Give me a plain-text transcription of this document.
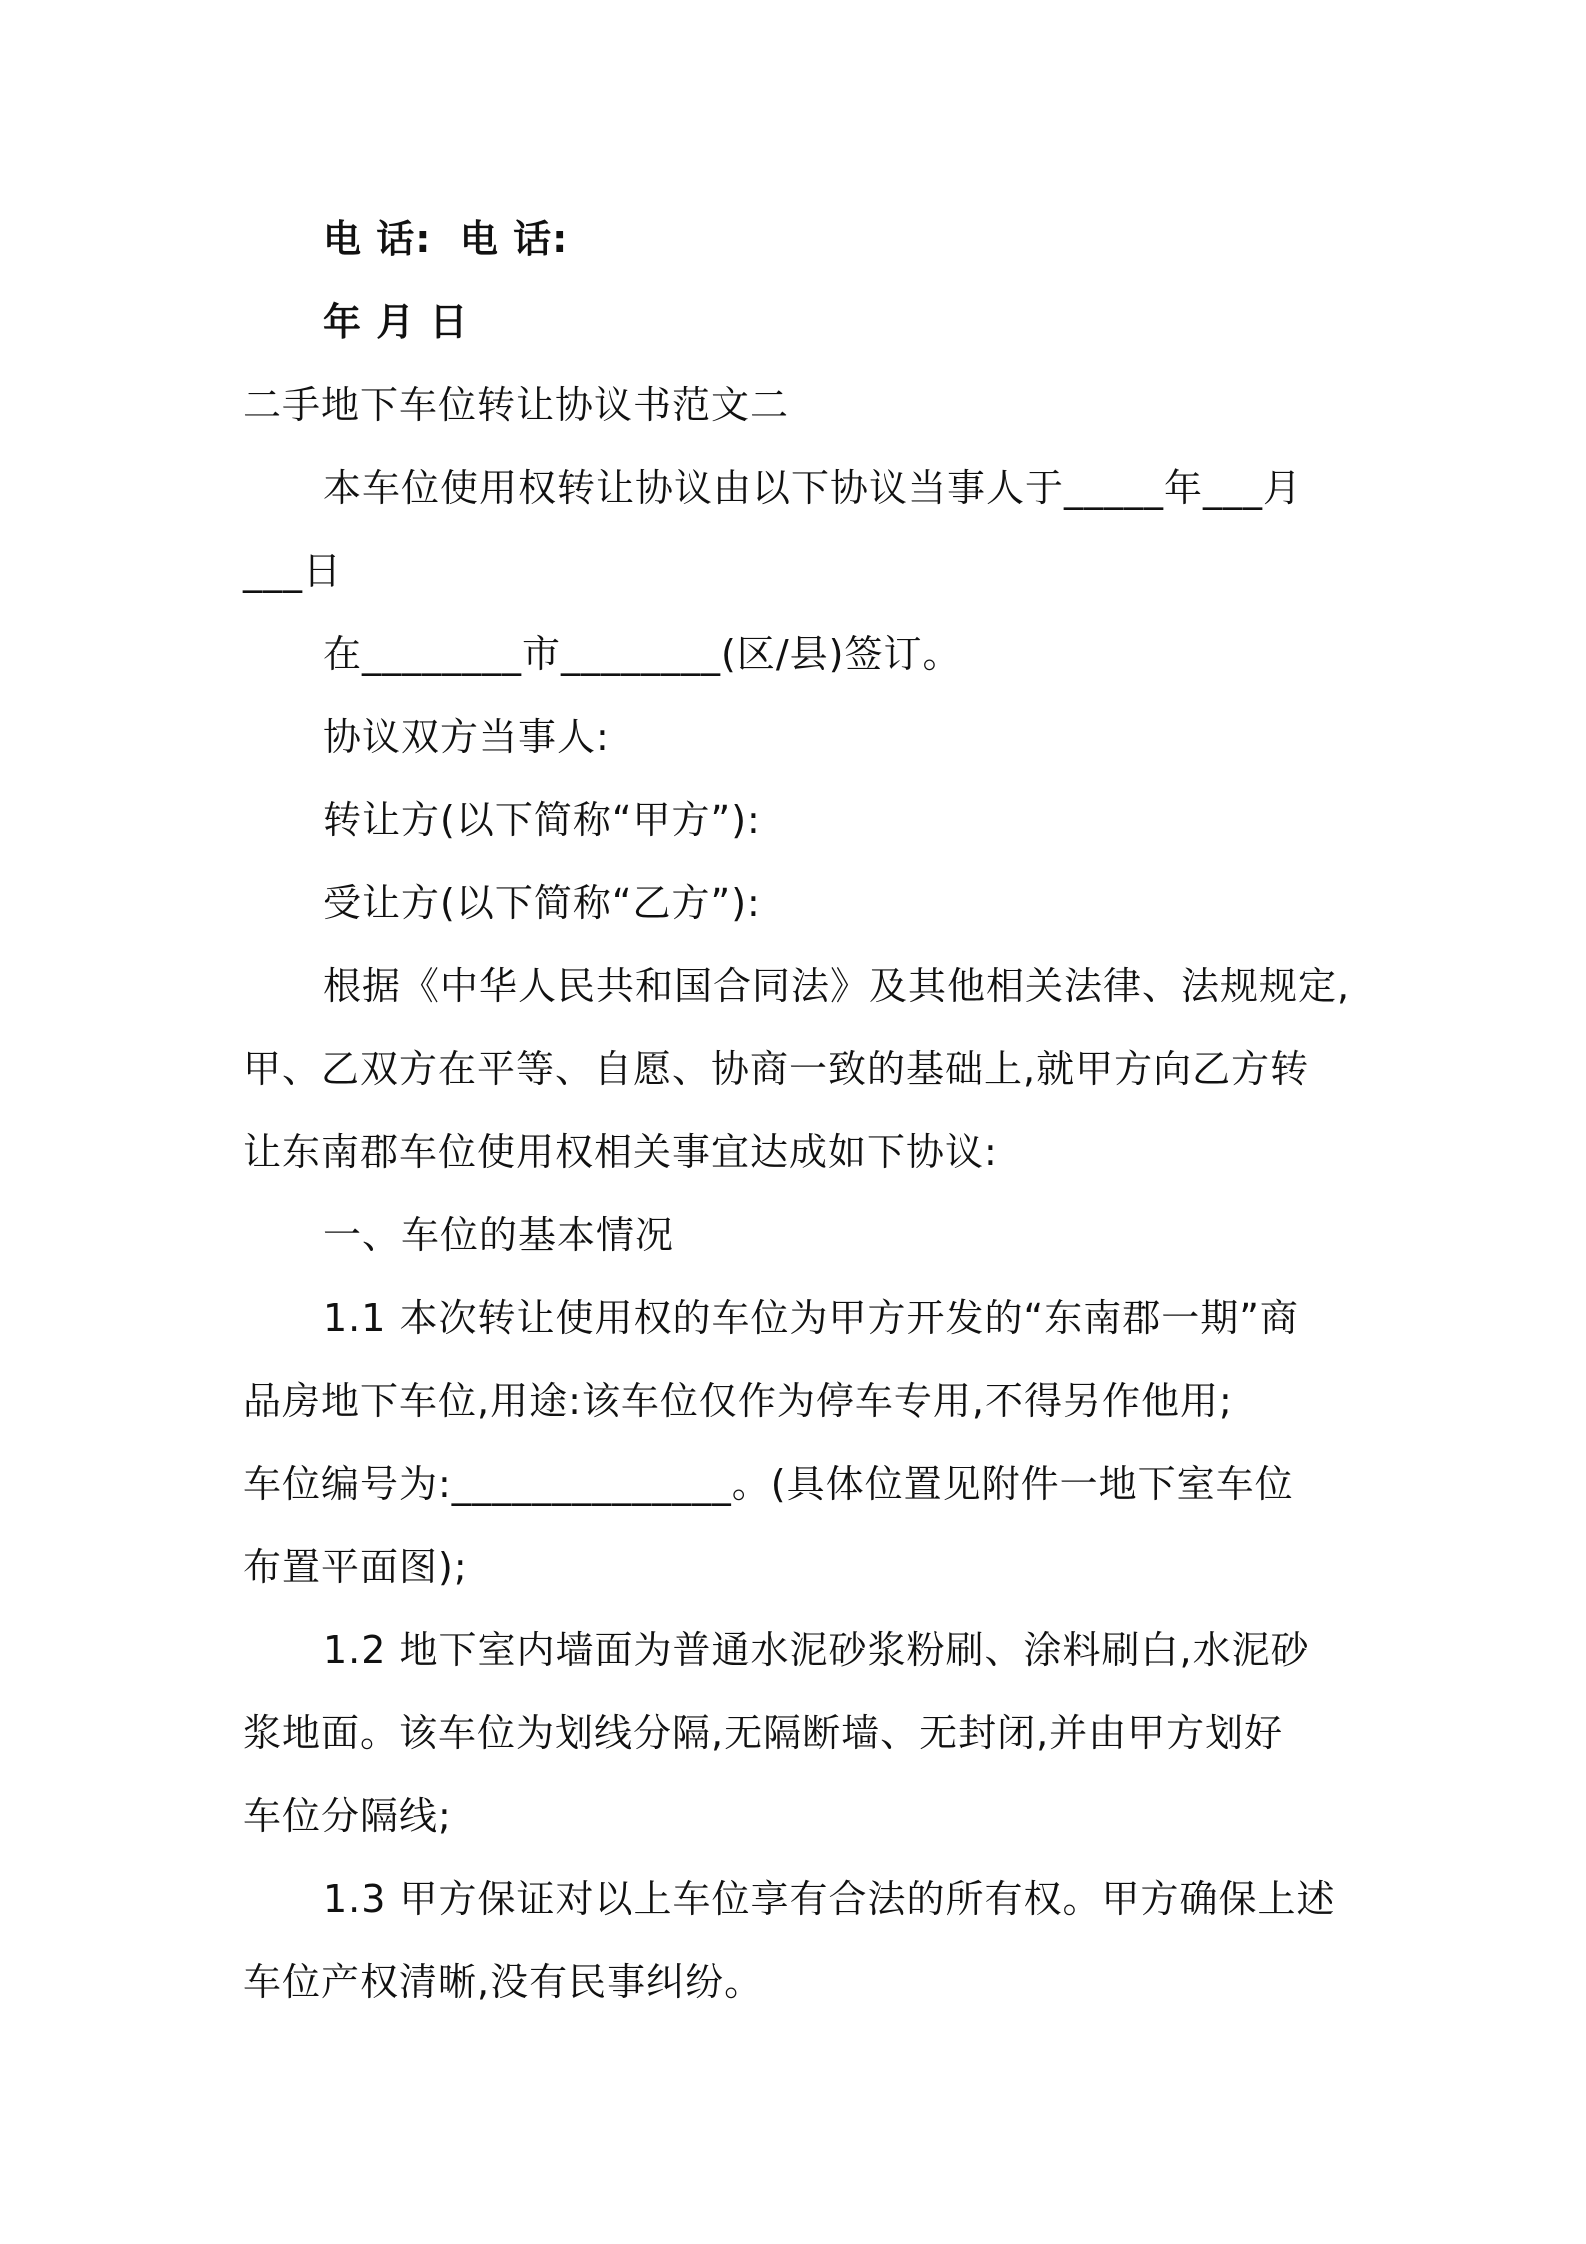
电 话:  电 话:
年 月 日
二手地下车位转让协议书范文二
本车位使用权转让协议由以下协议当事人于_____年___月
___日
在________市________(区/县)签订。
协议双方当事人:
转让方(以下简称“甲方”):
受让方(以下简称“乙方”):
根据《中华人民共和国合同法》及其他相关法律、法规规定,
甲、乙双方在平等、自愿、协商一致的基础上,就甲方向乙方转
让东南郡车位使用权相关事宜达成如下协议:
一、车位的基本情况
1.1 本次转让使用权的车位为甲方开发的“东南郡一期”商
品房地下车位,用途:该车位仅作为停车专用,不得另作他用;
车位编号为:______________。(具体位置见附件一地下室车位
布置平面图);
1.2 地下室内墙面为普通水泥砂浆粉刷、涂料刷白,水泥砂
浆地面。该车位为划线分隔,无隔断墙、无封闭,并由甲方划好
车位分隔线;
1.3 甲方保证对以上车位享有合法的所有权。甲方确保上述
车位产权清晰,没有民事纠纷。
